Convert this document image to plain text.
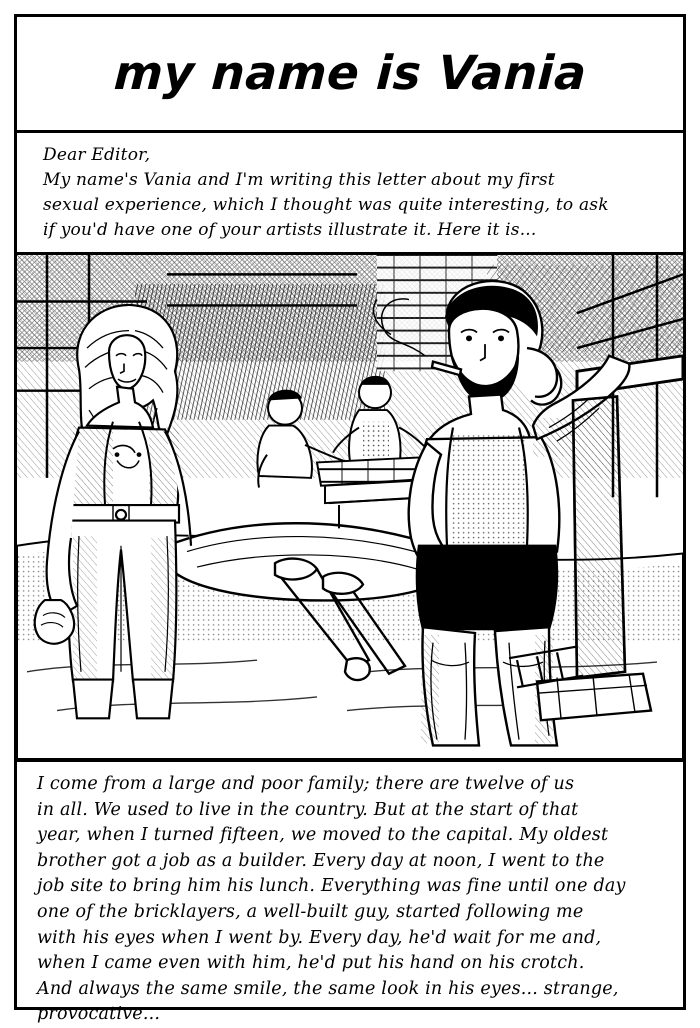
my name is Vania
Dear Editor,
My name's Vania and I'm writing this letter about my first
sexual experience, which I thought was quite interesting, to ask
if you'd have one of your artists illustrate it. Here it is...
I come from a large and poor family; there are twelve of us
in all. We used to live in the country. But at the start of that
year, when I turned fifteen, we moved to the capital. My oldest
brother got a job as a builder. Every day at noon, I went to the
job site to bring him his lunch. Everything was fine until one day
one of the bricklayers, a well-built guy, started following me
with his eyes when I went by. Every day, he'd wait for me and,
when I came even with him, he'd put his hand on his crotch.
And always the same smile, the same look in his eyes... strange,
provocative...
